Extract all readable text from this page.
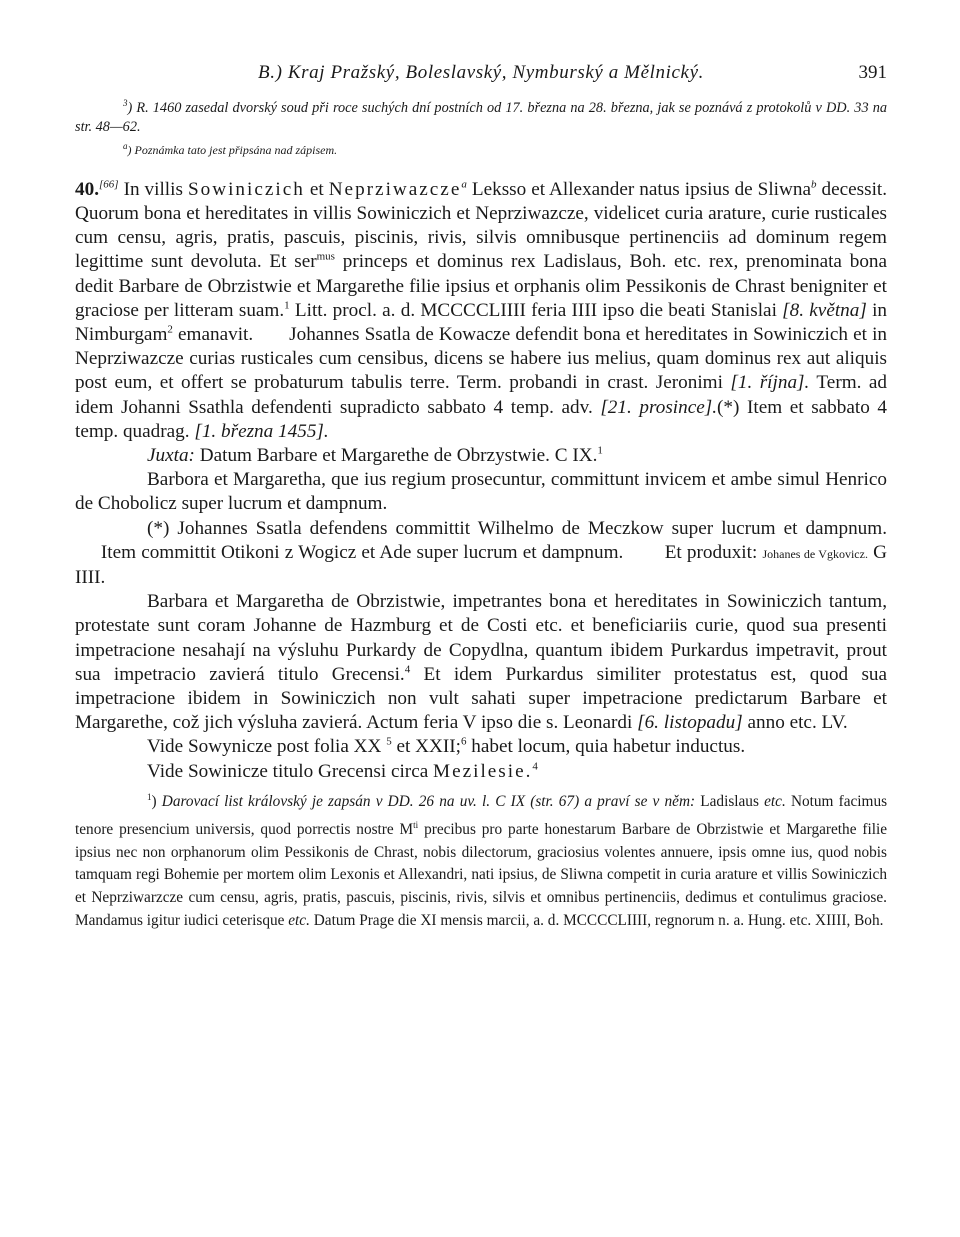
B.) Kraj Pražský, Boleslavský, Nymburský a Mělnický.	391

$^3$) R. 1460 zasedal dvorský soud při roce suchých dní postních od 17. března na 28. března, jak se poznává z protokolů v DD. 33 na str. 48—62.

$^a$) Poznámka tato jest připsána nad zápisem.

40.[66] In villis Sowiniczich et Neprziwazcze$^a$ Leksso et Allexander natus ipsius de Sliwna$^b$ decessit. Quorum bona et hereditates in villis Sowiniczich et Neprziwazcze, videlicet curia arature, curie rusticales cum censu, agris, pratis, pascuis, piscinis, rivis, silvis omnibusque pertinenciis ad dominum regem legittime sunt devoluta. Et ser$^{mus}$ princeps et dominus rex Ladislaus, Boh. etc. rex, prenominata bona dedit Barbare de Obrzistwie et Margarethe filie ipsius et orphanis olim Pessikonis de Chrast benigniter et graciose per litteram suam.$^1$ Litt. procl. a. d. MCCCCLIIII feria IIII ipso die beati Stanislai [8. května] in Nimburgam$^2$ emanavit. Johannes Ssatla de Kowacze defendit bona et hereditates in Sowiniczich et in Neprziwazcze curias rusticales cum censibus, dicens se habere ius melius, quam dominus rex aut aliquis post eum, et offert se probaturum tabulis terre. Term. probandi in crast. Jeronimi [1. října]. Term. ad idem Johanni Ssathla defendenti supradicto sabbato 4 temp. adv. [21. prosince].(*) Item et sabbato 4 temp. quadrag. [1. března 1455].

Juxta: Datum Barbare et Margarethe de Obrzystwie. C IX.$^1$

Barbora et Margaretha, que ius regium prosecuntur, committunt invicem et ambe simul Henrico de Chobolicz super lucrum et dampnum.

(*) Johannes Ssatla defendens committit Wilhelmo de Meczkow super lucrum et dampnum.      Item committit Otikoni z Wogicz et Ade super lucrum et dampnum. Et produxit: Johanes de Vgkovicz. G IIII.

Barbara et Margaretha de Obrzistwie, impetrantes bona et hereditates in Sowiniczich tantum, protestate sunt coram Johanne de Hazmburg et de Costi etc. et beneficiariis curie, quod sua presenti impetracione nesahají na výsluhu Purkardy de Copydlna, quantum ibidem Purkardus impetravit, prout sua impetracio zavierá titulo Grecensi.$^4$ Et idem Purkardus similiter protestatus est, quod sua impetracione ibidem in Sowiniczich non vult sahati super impetracione predictarum Barbare et Margarethe, což jich výsluha zavierá. Actum feria V ipso die s. Leonardi [6. listopadu] anno etc. LV.

Vide Sowynicze post folia XX $^5$ et XXII;$^6$ habet locum, quia habetur inductus.

Vide Sowinicze titulo Grecensi circa Mezilesie.$^4$

$^1$) Darovací list královský je zapsán v DD. 26 na uv. l. C IX (str. 67) a praví se v něm: Ladislaus etc. Notum facimus tenore presencium universis, quod porrectis nostre $M^{ti}$ precibus pro parte honestarum Barbare de Obrzistwie et Margarethe filie ipsius nec non orphanorum olim Pessikonis de Chrast, nobis dilectorum, graciosius volentes annuere, ipsis omne ius, quod nobis tamquam regi Bohemie per mortem olim Lexonis et Allexandri, nati ipsius, de Sliwna competit in curia arature et villis Sowiniczich et Neprziwarzcze cum censu, agris, pratis, pascuis, piscinis, rivis, silvis et omnibus pertinenciis, dedimus et contulimus graciose. Mandamus igitur iudici ceterisque etc. Datum Prage die XI mensis marcii, a. d. MCCCCLIIII, regnorum n. a. Hung. etc. XIIII, Boh.
